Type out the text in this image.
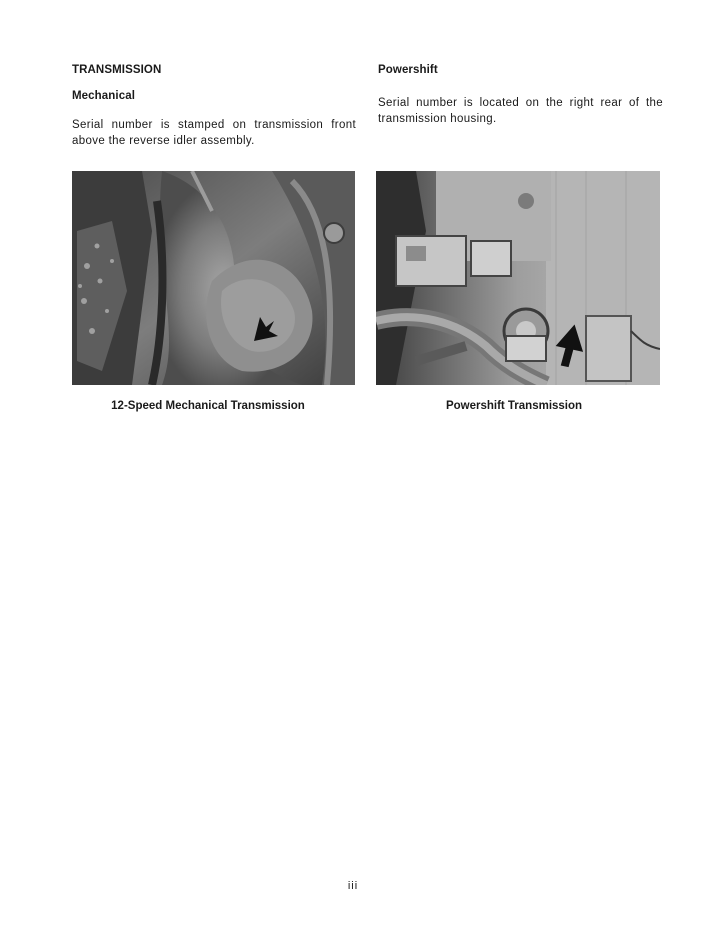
TRANSMISSION
Mechanical

Serial number is stamped on transmission front above the reverse idler assembly.

12-Speed Mechanical Transmission

Powershift

Serial number is located on the right rear of the transmission housing.

Powershift Transmission

iii
